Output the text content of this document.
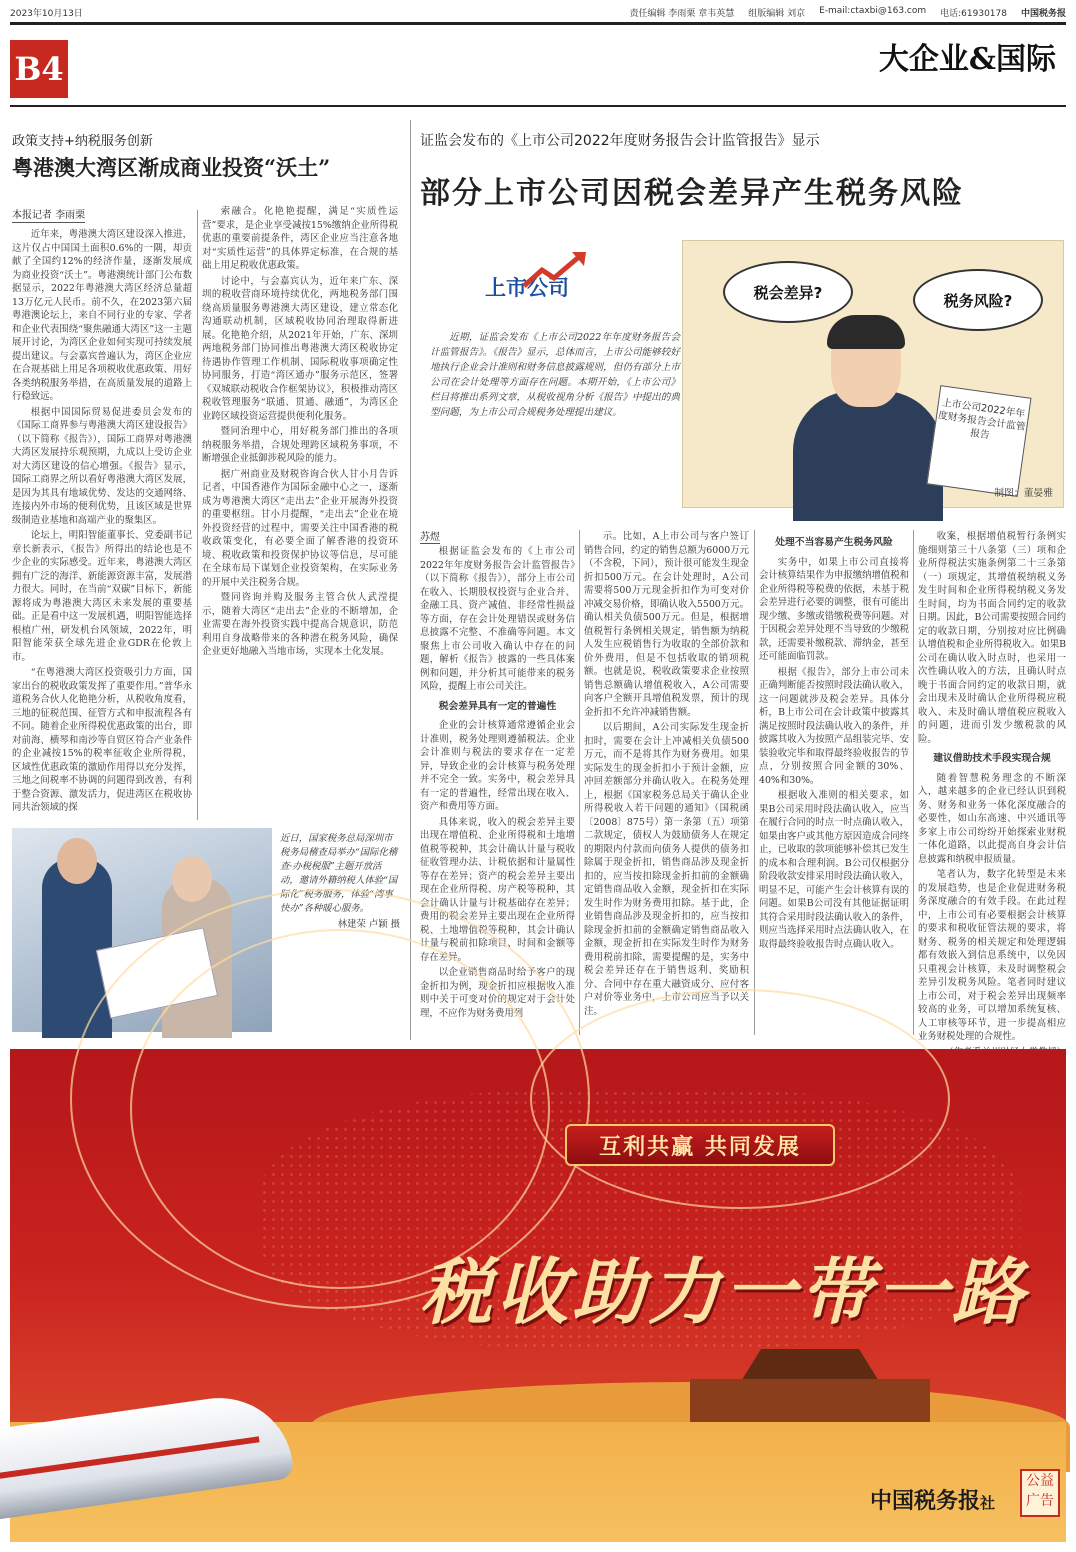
2023年10月13日	责任编辑 李雨栗 章韦英慧 组版编辑 刘京 E-mail:ctaxbi@163.com 电话:61930178 中国税务报
B4	大企业&国际
政策支持+纳税服务创新
粤港澳大湾区渐成商业投资“沃土”
本报记者 李雨栗

近年来，粤港澳大湾区建设深入推进，这片仅占中国国土面积0.6%的一隅，却贡献了全国约12%的经济作量，逐渐发展成为商业投资“沃土”。粤港澳统计部门公布数据显示，2022年粤港澳大湾区经济总量超13万亿元人民币。前不久，在2023第六届粤港澳论坛上，来自不同行业的专家、学者和企业代表围绕“聚焦融通大湾区”这一主题展开讨论，为湾区企业如何实现可持续发展提出建议。与会嘉宾普遍认为，湾区企业应在合规基础上用足各项税收优惠政策、用好各类纳税服务举措，在高质量发展的道路上行稳致远。

根据中国国际贸易促进委员会发布的《国际工商界参与粤港澳大湾区建设报告》（以下简称《报告》），国际工商界对粤港澳大湾区发展持乐观预期，九成以上受访企业对大湾区建设的信心增强。《报告》显示，国际工商界之所以看好粤港澳大湾区发展，是因为其具有地域优势、发达的交通网络、连接内外市场的便利优势，且该区域是世界级制造业基地和高端产业的聚集区。

论坛上，明阳智能董事长、党委副书记章长新表示，《报告》所得出的结论也是不少企业的实际感受。近年来，粤港澳大湾区拥有广泛的海洋、新能源资源丰富，发展潜力很大。同时，在当前“双碳”目标下，新能源将成为粤港澳大湾区未来发展的重要基础。正是看中这一发展机遇，明阳智能选择根植广州，研发机台风领域，2022年，明阳智能荣获全球先进企业GDR在伦敦上市。

“在粤港澳大湾区投资吸引力方面，国家出台的税收政策发挥了重要作用。”普华永道税务合伙人化艳艳分析，从税收角度看，三地的征税范围、征管方式和申报流程各有不同。随着企业所得税优惠政策的出台，即对前海、横琴和南沙等自贸区符合产业条件的企业减按15%的税率征收企业所得税，区域性优惠政策的激励作用得以充分发挥，三地之间税率不协调的问题得到改善，有利于整合资源、激发活力，促进湾区在税收协同共治领域的探

索融合。化艳艳提醒，满足“实质性运营”要求，是企业享受减按15%缴纳企业所得税优惠的重要前提条件，湾区企业应当注意各地对“实质性运营”的具体界定标准，在合规的基础上用足税收优惠政策。

讨论中，与会嘉宾认为，近年来广东、深圳的税收营商环境持续优化，两地税务部门围绕高质量服务粤港澳大湾区建设，建立常态化沟通联动机制，区域税收协同治理取得新进展。化艳艳介绍，从2021年开始，广东、深圳两地税务部门协同推出粤港澳大湾区税收协定待遇协作管理工作机制、国际税收事项确定性协同服务，打造“湾区通办”服务示范区，签署《双城联动税收合作框架协议》，积极推动湾区税收管理服务“联通、贯通、融通”，为湾区企业跨区域投资运营提供便利化服务。

暨同治理中心，用好税务部门推出的各项纳税服务举措，合规处理跨区域税务事项，不断增强企业抵御涉税风险的能力。

据广州商业及财税咨询合伙人甘小月告诉记者，中国香港作为国际金融中心之一，逐渐成为粤港澳大湾区“走出去”企业开展海外投资的重要枢纽。甘小月提醒，“走出去”企业在境外投资经营的过程中，需要关注中国香港的税收政策变化，有必要全面了解香港的投资环境、税收政策和投资保护协议等信息，尽可能在全球布局下谋划企业投资架构，在实际业务的开展中关注税务合规。

暨同咨询并购及服务主管合伙人武滢提示，随着大湾区“走出去”企业的不断增加，企业需要在海外投资实践中提高合规意识，防范利用自身战略带来的各种潜在税务风险，确保企业更好地融入当地市场，实现本土化发展。

近日，国家税务总局深圳市税务局稽查局举办“国际化稽查·办税税服”主题开放活动，邀请外籍纳税人体验“国际化”税务服务，体验“湾事快办”各种暖心服务。
林建荣 卢颖 摄
证监会发布的《上市公司2022年度财务报告会计监管报告》显示
部分上市公司因税会差异产生税务风险
上市公司

近期，证监会发布《上市公司2022年年度财务报告会计监管报告》。《报告》显示，总体而言，上市公司能够较好地执行企业会计准则和财务信息披露规则，但仍有部分上市公司在会计处理等方面存在问题。本期开始，《上市公司》栏目将推出系列文章，从税收视角分析《报告》中提出的典型问题，为上市公司合规税务处理提出建议。

税会差异?	税务风险?
上市公司2022年年度财务报告会计监管报告
制图：董晏雅
苏煜

根据证监会发布的《上市公司2022年年度财务报告会计监管报告》（以下简称《报告》），部分上市公司在收入、长期股权投资与企业合并、金融工具、资产减值、非经常性损益等方面，存在会计处理错误或财务信息披露不完整、不准确等问题。本文聚焦上市公司收入确认中存在的问题，解析《报告》披露的一些具体案例和问题，并分析其可能带来的税务风险，提醒上市公司关注。

税会差异具有一定的普遍性

企业的会计核算通常遵循企业会计准则，税务处理则遵循税法。企业会计准则与税法的要求存在一定差异，导致企业的会计核算与税务处理并不完全一致。实务中，税会差异具有一定的普遍性，经常出现在收入、资产和费用等方面。

具体来说，收入的税会差异主要出现在增值税、企业所得税和土地增值税等税种，其会计确认计量与税收征收管理办法、计税依据和计量属性等存在差异；资产的税会差异主要出现在企业所得税、房产税等税种，其会计确认计量与计税基础存在差异；费用的税会差异主要出现在企业所得税、土地增值税等税种，其会计确认计量与税前扣除项目、时间和金额等存在差异。

以企业销售商品时给予客户的现金折扣为例，现金折扣应根据收入准则中关于可变对价的规定对于会计处理，不应作为财务费用列

示。比如，A上市公司与客户签订销售合同，约定的销售总额为6000万元（不含税，下同），预计很可能发生现金折扣500万元。在会计处理时，A公司需要将500万元现金折扣作为可变对价冲减交易价格，即确认收入5500万元。确认相关负债500万元。但是，根据增值税暂行条例相关规定，销售额为纳税人发生应税销售行为收取的全部价款和价外费用，但是不包括收取的销项税额。也就是说，税收政策要求企业按照销售总额确认增值税收入，A公司需要向客户全额开具增值税发票，预计的现金折扣不允许冲减销售额。

以后期间，A公司实际发生现金折扣时，需要在会计上冲减相关负债500万元，而不是将其作为财务费用。如果实际发生的现金折扣小于预计金额，应冲回差额部分并确认收入。在税务处理上，根据《国家税务总局关于确认企业所得税收入若干问题的通知》（国税函〔2008〕875号）第一条第（五）项第二款规定，债权人为鼓励债务人在规定的期限内付款而向债务人提供的债务扣除属于现金折扣，销售商品涉及现金折扣的，应当按扣除现金折扣前的金额确定销售商品收入金额，现金折扣在实际发生时作为财务费用扣除。基于此，企业销售商品涉及现金折扣的，应当按扣除现金折扣前的金额确定销售商品收入金额，现金折扣在实际发生时作为财务费用税前扣除，需要提醒的是，实务中税会差异还存在于销售返利、奖励积分、合同中存在重大融资成分、应付客户对价等业务中，上市公司应当予以关注。

处理不当容易产生税务风险

实务中，如果上市公司直接将会计核算结果作为申报缴纳增值税和企业所得税等税费的依据，未基于税会差异进行必要的调整，很有可能出现少缴、多缴或错缴税费等问题。对于因税会差异处理不当导致的少缴税款，还需要补缴税款、滞纳金，甚至还可能面临罚款。

根据《报告》，部分上市公司未正确判断能否按照时段法确认收入，这一问题就涉及税会差异。具体分析，B上市公司在会计政策中披露其满足按照时段法确认收入的条件，并披露其收入为按照产品组装完毕、安装验收完毕和取得最终验收报告的节点，分别按照合同金额的30%、40%和30%。

根据收入准则的相关要求，如果B公司采用时段法确认收入，应当在履行合同的时点一时点确认收入，如果由客户或其他方原因造成合同终止，已收取的款项能够补偿其已发生的成本和合理利润。B公司仅根据分阶段收款安排采用时段法确认收入，明显不足，可能产生会计核算有误的问题。如果B公司没有其他证据证明其符合采用时段法确认收入的条件，则应当选择采用时点法确认收入，在取得最终验收报告时点确认收入。

收案，根据增值税暂行条例实施细则第三十八条第（三）项和企业所得税法实施条例第二十三条第（一）项规定，其增值税纳税义务发生时间和企业所得税纳税义务发生时间，均为书面合同约定的收款日期。因此，B公司需要按照合同约定的收款日期，分别按对应比例确认增值税和企业所得税收入。如果B公司在确认收入时点时，也采用一次性确认收入的方法，且确认时点晚于书面合同约定的收款日期，就会出现未及时确认企业所得税应税收入、未及时确认增值税应税收入的问题，进而引发少缴税款的风险。

建议借助技术手段实现合规

随着智慧税务理念的不断深入，越来越多的企业已经认识到税务、财务和业务一体化深度融合的必要性，如山东高速、中兴通讯等多家上市公司纷纷开始探索业财税一体化道路，以此提高自身会计信息披露和纳税申报质量。

笔者认为，数字化转型是未来的发展趋势，也是企业促进财务税务深度融合的有效手段。在此过程中，上市公司有必要根据会计核算的要求和税收征管法规的要求，将财务、税务的相关规定和处理逻辑都有效嵌入到信息系统中，以免因只重视会计核算，未及时调整税会差异引发税务风险。笔者同时建议上市公司，对于税会差异出现频率较高的业务，可以增加系统复核、人工审核等环节，进一步提高相应业务财税处理的合规性。

互利共赢 共同发展
税收助力一带一路
中国税务报社
公益广告
